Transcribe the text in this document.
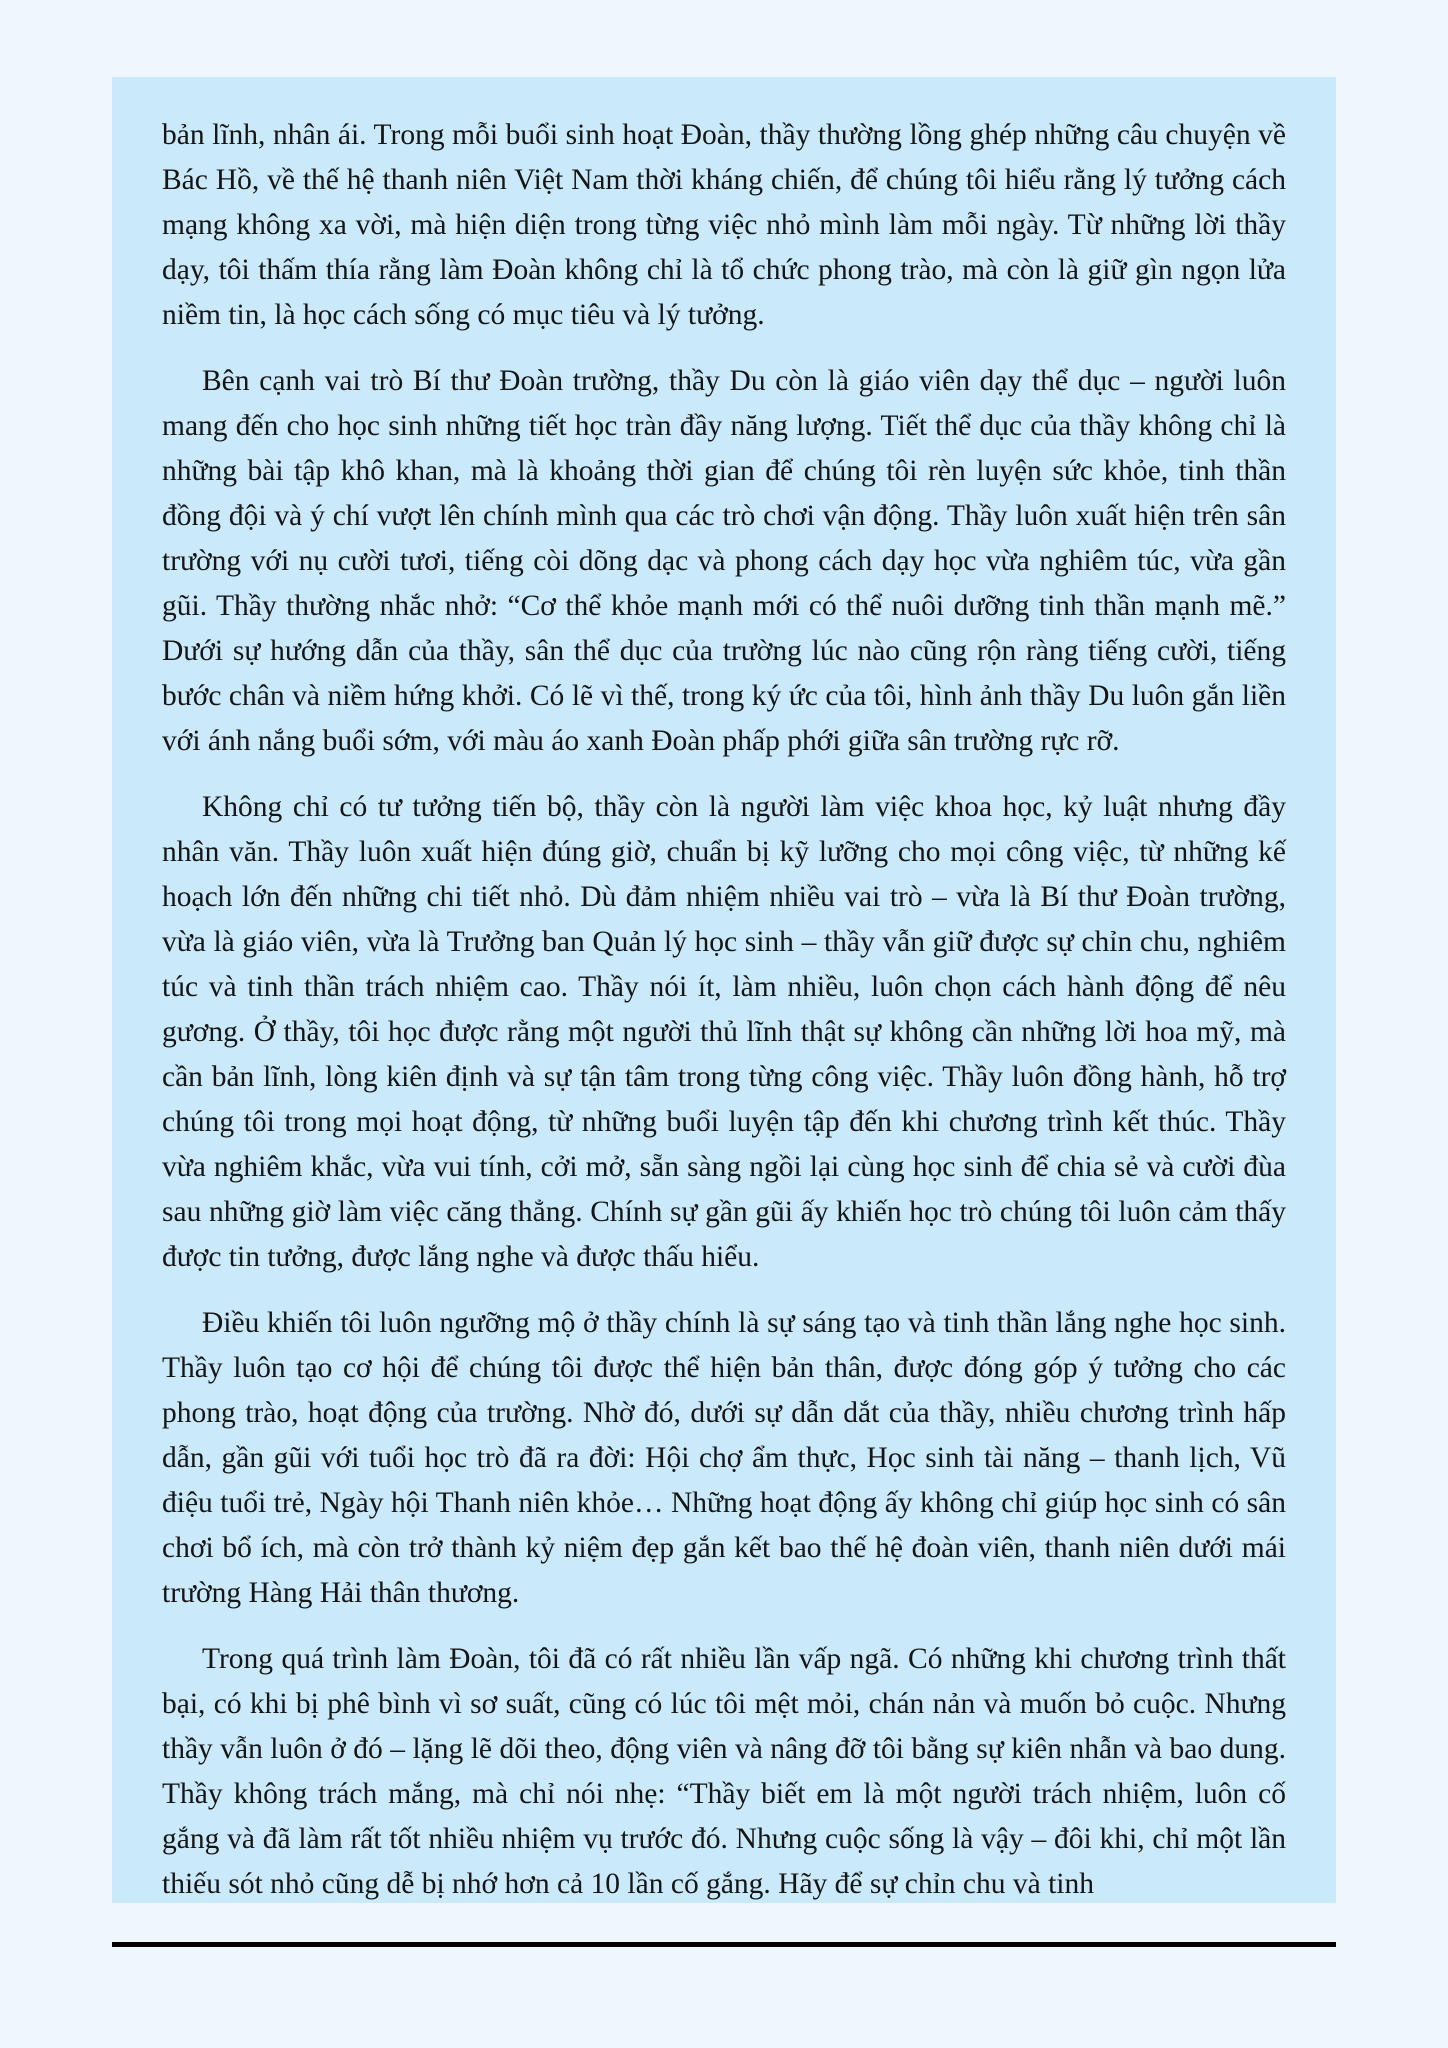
bản lĩnh, nhân ái. Trong mỗi buổi sinh hoạt Đoàn, thầy thường lồng ghép những câu chuyện về Bác Hồ, về thế hệ thanh niên Việt Nam thời kháng chiến, để chúng tôi hiểu rằng lý tưởng cách mạng không xa vời, mà hiện diện trong từng việc nhỏ mình làm mỗi ngày. Từ những lời thầy dạy, tôi thấm thía rằng làm Đoàn không chỉ là tổ chức phong trào, mà còn là giữ gìn ngọn lửa niềm tin, là học cách sống có mục tiêu và lý tưởng.

Bên cạnh vai trò Bí thư Đoàn trường, thầy Du còn là giáo viên dạy thể dục – người luôn mang đến cho học sinh những tiết học tràn đầy năng lượng. Tiết thể dục của thầy không chỉ là những bài tập khô khan, mà là khoảng thời gian để chúng tôi rèn luyện sức khỏe, tinh thần đồng đội và ý chí vượt lên chính mình qua các trò chơi vận động. Thầy luôn xuất hiện trên sân trường với nụ cười tươi, tiếng còi dõng dạc và phong cách dạy học vừa nghiêm túc, vừa gần gũi. Thầy thường nhắc nhở: “Cơ thể khỏe mạnh mới có thể nuôi dưỡng tinh thần mạnh mẽ.” Dưới sự hướng dẫn của thầy, sân thể dục của trường lúc nào cũng rộn ràng tiếng cười, tiếng bước chân và niềm hứng khởi. Có lẽ vì thế, trong ký ức của tôi, hình ảnh thầy Du luôn gắn liền với ánh nắng buổi sớm, với màu áo xanh Đoàn phấp phới giữa sân trường rực rỡ.

Không chỉ có tư tưởng tiến bộ, thầy còn là người làm việc khoa học, kỷ luật nhưng đầy nhân văn. Thầy luôn xuất hiện đúng giờ, chuẩn bị kỹ lưỡng cho mọi công việc, từ những kế hoạch lớn đến những chi tiết nhỏ. Dù đảm nhiệm nhiều vai trò – vừa là Bí thư Đoàn trường, vừa là giáo viên, vừa là Trưởng ban Quản lý học sinh – thầy vẫn giữ được sự chỉn chu, nghiêm túc và tinh thần trách nhiệm cao. Thầy nói ít, làm nhiều, luôn chọn cách hành động để nêu gương. Ở thầy, tôi học được rằng một người thủ lĩnh thật sự không cần những lời hoa mỹ, mà cần bản lĩnh, lòng kiên định và sự tận tâm trong từng công việc. Thầy luôn đồng hành, hỗ trợ chúng tôi trong mọi hoạt động, từ những buổi luyện tập đến khi chương trình kết thúc. Thầy vừa nghiêm khắc, vừa vui tính, cởi mở, sẵn sàng ngồi lại cùng học sinh để chia sẻ và cười đùa sau những giờ làm việc căng thẳng. Chính sự gần gũi ấy khiến học trò chúng tôi luôn cảm thấy được tin tưởng, được lắng nghe và được thấu hiểu.

Điều khiến tôi luôn ngưỡng mộ ở thầy chính là sự sáng tạo và tinh thần lắng nghe học sinh. Thầy luôn tạo cơ hội để chúng tôi được thể hiện bản thân, được đóng góp ý tưởng cho các phong trào, hoạt động của trường. Nhờ đó, dưới sự dẫn dắt của thầy, nhiều chương trình hấp dẫn, gần gũi với tuổi học trò đã ra đời: Hội chợ ẩm thực, Học sinh tài năng – thanh lịch, Vũ điệu tuổi trẻ, Ngày hội Thanh niên khỏe… Những hoạt động ấy không chỉ giúp học sinh có sân chơi bổ ích, mà còn trở thành kỷ niệm đẹp gắn kết bao thế hệ đoàn viên, thanh niên dưới mái trường Hàng Hải thân thương.

Trong quá trình làm Đoàn, tôi đã có rất nhiều lần vấp ngã. Có những khi chương trình thất bại, có khi bị phê bình vì sơ suất, cũng có lúc tôi mệt mỏi, chán nản và muốn bỏ cuộc. Nhưng thầy vẫn luôn ở đó – lặng lẽ dõi theo, động viên và nâng đỡ tôi bằng sự kiên nhẫn và bao dung. Thầy không trách mắng, mà chỉ nói nhẹ: “Thầy biết em là một người trách nhiệm, luôn cố gắng và đã làm rất tốt nhiều nhiệm vụ trước đó. Nhưng cuộc sống là vậy – đôi khi, chỉ một lần thiếu sót nhỏ cũng dễ bị nhớ hơn cả 10 lần cố gắng. Hãy để sự chỉn chu và tinh
